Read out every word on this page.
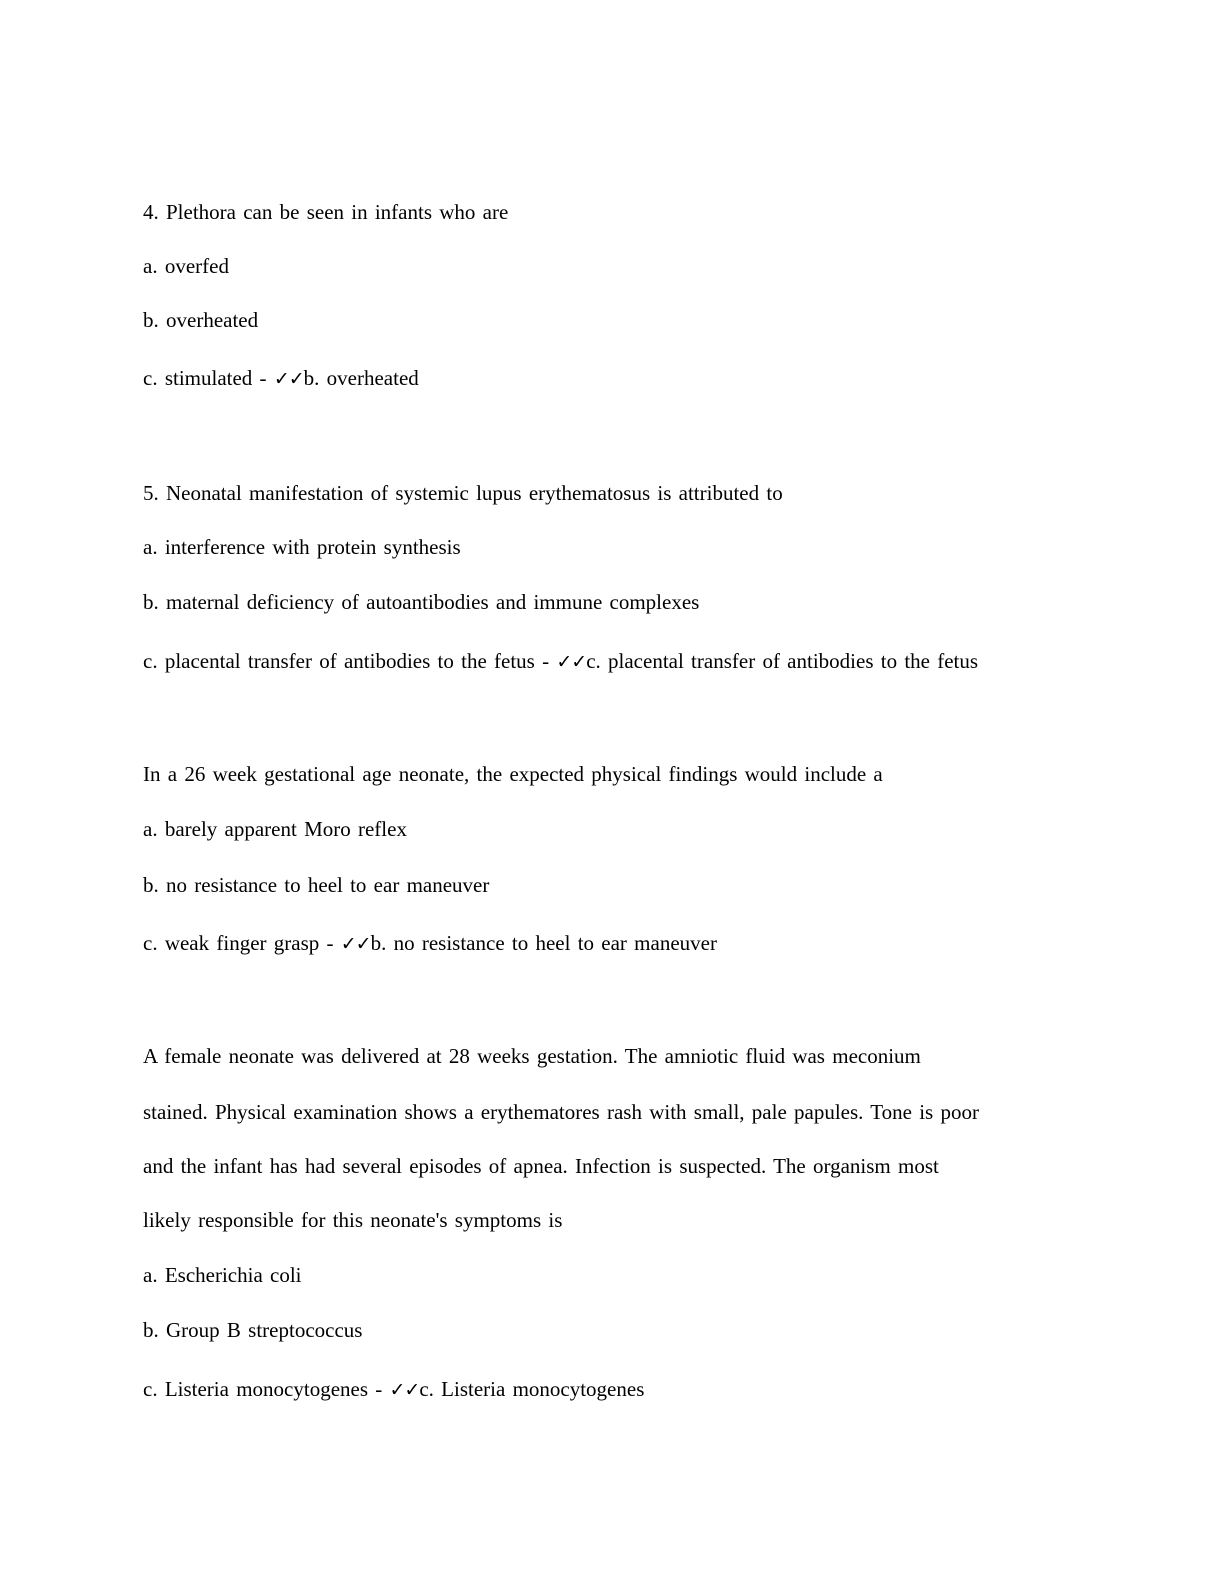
4. Plethora can be seen in infants who are
a. overfed
b. overheated
c. stimulated - ✓✓b. overheated
5. Neonatal manifestation of systemic lupus erythematosus is attributed to
a. interference with protein synthesis
b. maternal deficiency of autoantibodies and immune complexes
c. placental transfer of antibodies to the fetus - ✓✓c. placental transfer of antibodies to the fetus
In a 26 week gestational age neonate, the expected physical findings would include a
a. barely apparent Moro reflex
b. no resistance to heel to ear maneuver
c. weak finger grasp - ✓✓b. no resistance to heel to ear maneuver
A female neonate was delivered at 28 weeks gestation. The amniotic fluid was meconium
stained. Physical examination shows a erythematores rash with small, pale papules. Tone is poor
and the infant has had several episodes of apnea. Infection is suspected. The organism most
likely responsible for this neonate's symptoms is
a. Escherichia coli
b. Group B streptococcus
c. Listeria monocytogenes - ✓✓c. Listeria monocytogenes
